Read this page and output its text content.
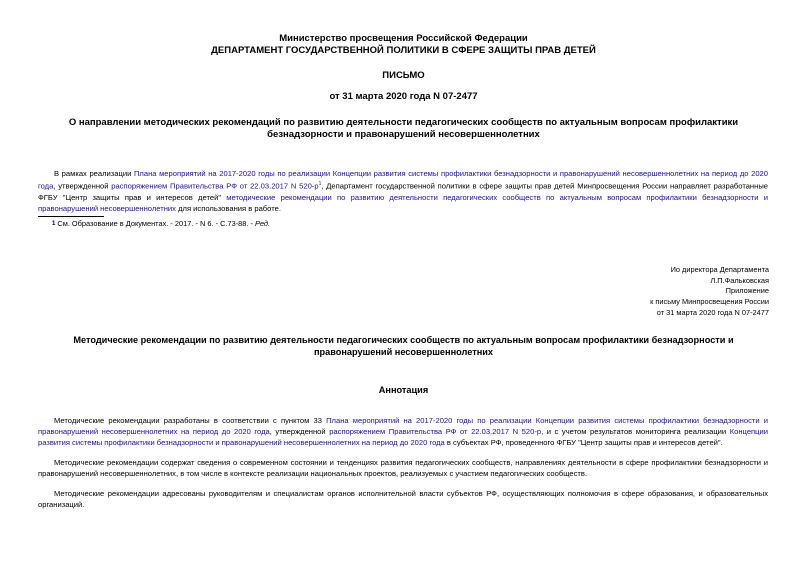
Министерство просвещения Российской Федерации
ДЕПАРТАМЕНТ ГОСУДАРСТВЕННОЙ ПОЛИТИКИ В СФЕРЕ ЗАЩИТЫ ПРАВ ДЕТЕЙ
ПИСЬМО
от 31 марта 2020 года N 07-2477
О направлении методических рекомендаций по развитию деятельности педагогических сообществ по актуальным вопросам профилактики безнадзорности и правонарушений несовершеннолетних
В рамках реализации Плана мероприятий на 2017-2020 годы по реализации Концепции развития системы профилактики безнадзорности и правонарушений несовершеннолетних на период до 2020 года, утвержденной распоряжением Правительства РФ от 22.03.2017 N $520-р^1$, Департамент государственной политики в сфере защиты прав детей Минпросвещения России направляет разработанные ФГБУ "Центр защиты прав и интересов детей" методические рекомендации по развитию деятельности педагогических сообществ по актуальным вопросам профилактики безнадзорности и правонарушений несовершеннолетних для использования в работе.
1 См. Образование в Документах. - 2017. - N 6. - С.73-88. - Ред.
Ио директора Департамента
Л.П.Фальковская
Приложение
к письму Минпросвещения России
от 31 марта 2020 года N 07-2477
Методические рекомендации по развитию деятельности педагогических сообществ по актуальным вопросам профилактики безнадзорности и правонарушений несовершеннолетних
Аннотация
Методические рекомендации разработаны в соответствии с пунктом 33 Плана мероприятий на 2017-2020 годы по реализации Концепции развития системы профилактики безнадзорности и правонарушений несовершеннолетних на период до 2020 года, утвержденной распоряжением Правительства РФ от 22.03.2017 N 520-р, и с учетом результатов мониторинга реализации Концепции развития системы профилактики безнадзорности и правонарушений несовершеннолетних на период до 2020 года в субъектах РФ, проведенного ФГБУ "Центр защиты прав и интересов детей".
Методические рекомендации содержат сведения о современном состоянии и тенденциях развития педагогических сообществ, направлениях деятельности в сфере профилактики безнадзорности и правонарушений несовершеннолетних, в том числе в контексте реализации национальных проектов, реализуемых с участием педагогических сообществ.
Методические рекомендации адресованы руководителям и специалистам органов исполнительной власти субъектов РФ, осуществляющих полномочия в сфере образования, и образовательных организаций.
